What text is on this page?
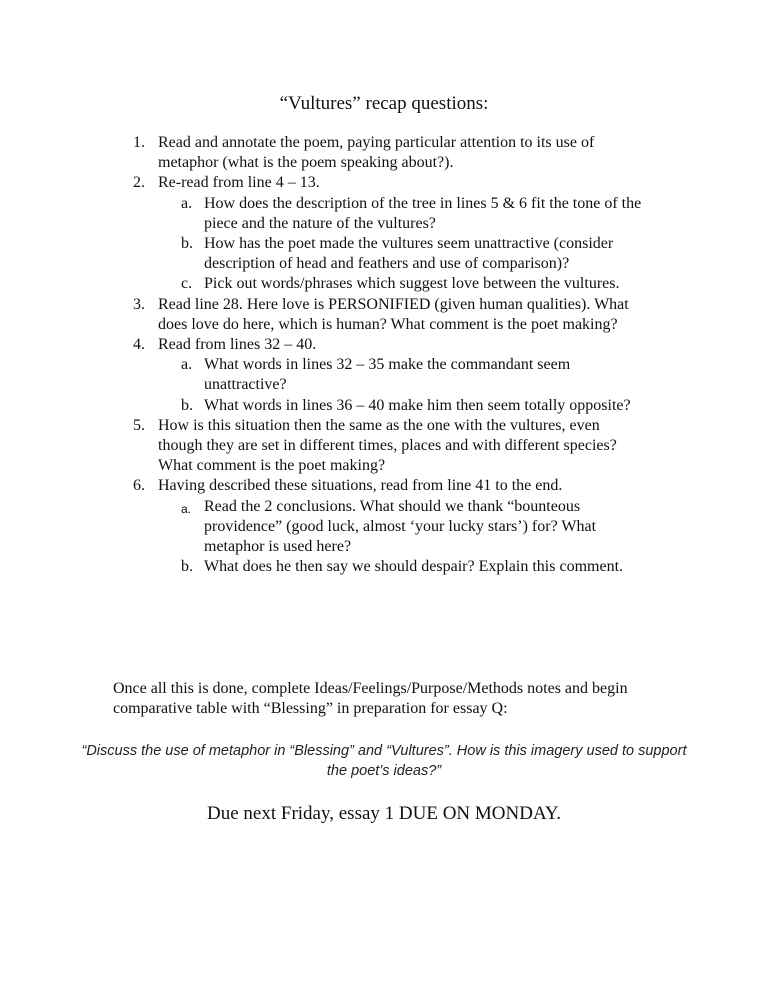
“Vultures” recap questions:
1. Read and annotate the poem, paying particular attention to its use of metaphor (what is the poem speaking about?).
2. Re-read from line 4 – 13.
a. How does the description of the tree in lines 5 & 6 fit the tone of the piece and the nature of the vultures?
b. How has the poet made the vultures seem unattractive (consider description of head and feathers and use of comparison)?
c. Pick out words/phrases which suggest love between the vultures.
3. Read line 28. Here love is PERSONIFIED (given human qualities). What does love do here, which is human? What comment is the poet making?
4. Read from lines 32 – 40.
a. What words in lines 32 – 35 make the commandant seem unattractive?
b. What words in lines 36 – 40 make him then seem totally opposite?
5. How is this situation then the same as the one with the vultures, even though they are set in different times, places and with different species? What comment is the poet making?
6. Having described these situations, read from line 41 to the end.
a. Read the 2 conclusions. What should we thank “bounteous providence” (good luck, almost ‘your lucky stars’) for? What metaphor is used here?
b. What does he then say we should despair? Explain this comment.
Once all this is done, complete Ideas/Feelings/Purpose/Methods notes and begin comparative table with “Blessing” in preparation for essay Q:
“Discuss the use of metaphor in “Blessing” and “Vultures”. How is this imagery used to support the poet’s ideas?”
Due next Friday, essay 1 DUE ON MONDAY.
